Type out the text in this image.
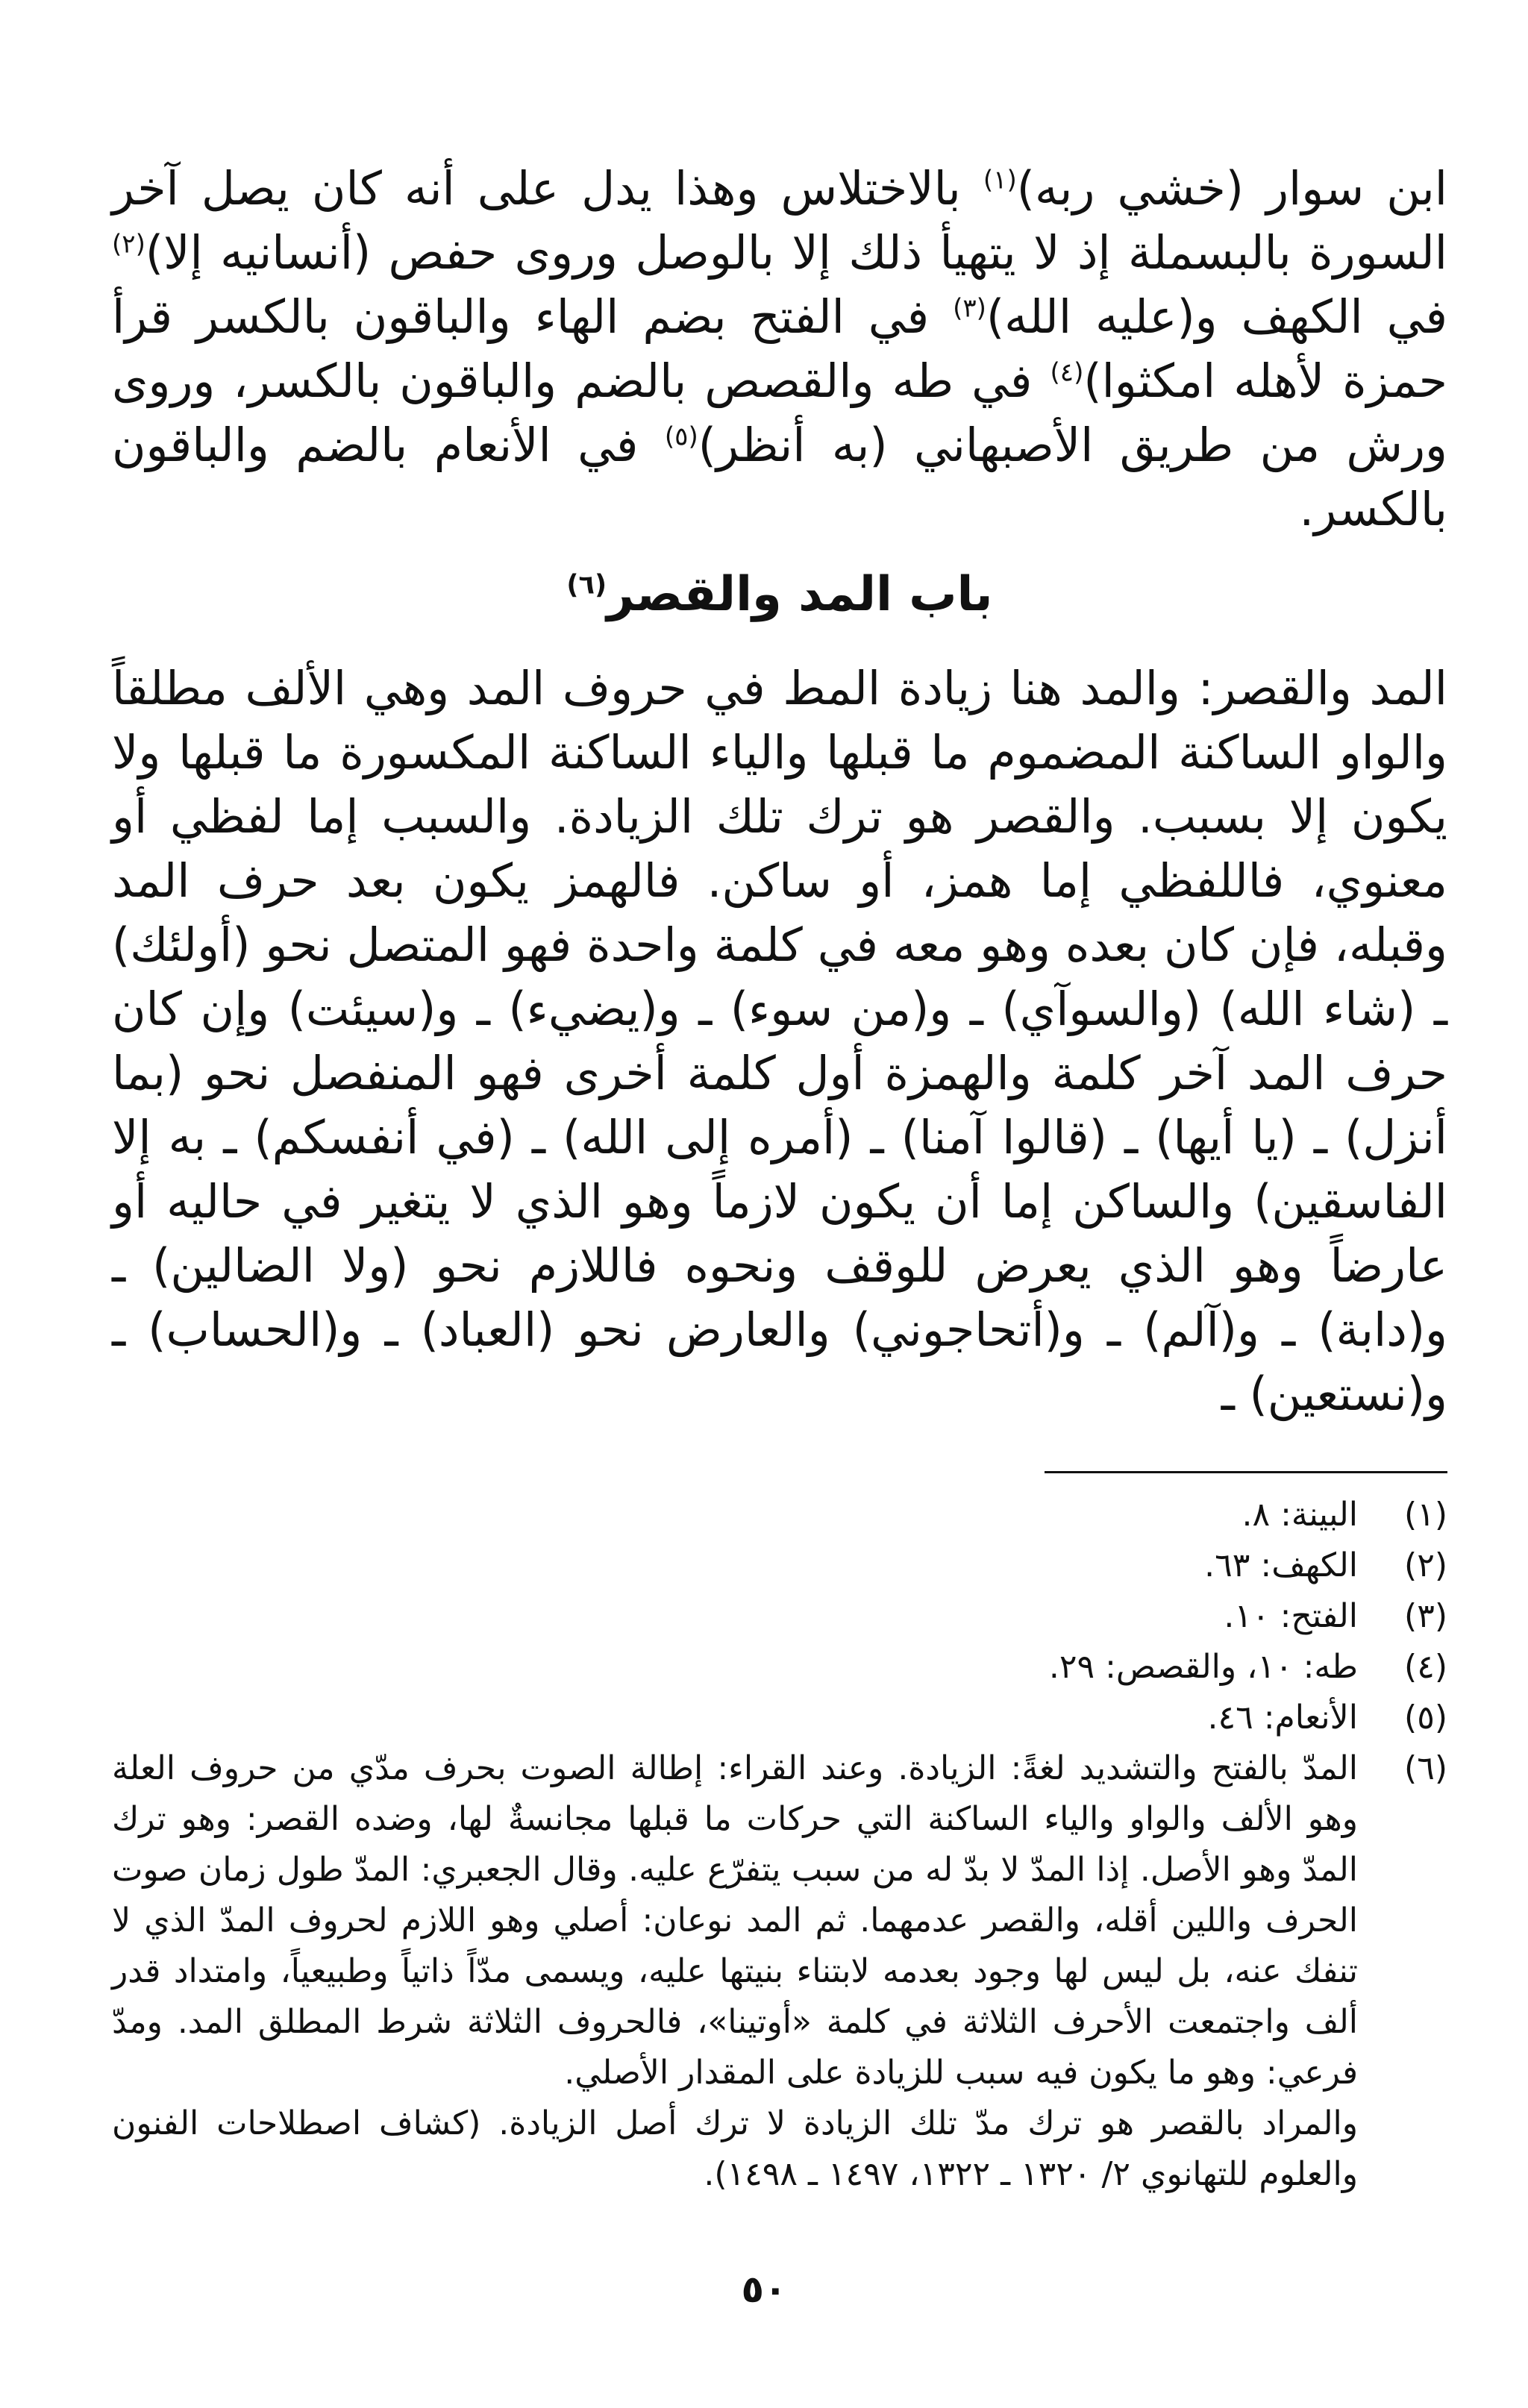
ابن سوار (خشي ربه)$^{(١)}$ بالاختلاس وهذا يدل على أنه كان يصل آخر السورة بالبسملة إذ لا يتهيأ ذلك إلا بالوصل وروى حفص (أنسانيه إلا)$^{(٢)}$ في الكهف و(عليه الله)$^{(٣)}$ في الفتح بضم الهاء والباقون بالكسر قرأ حمزة لأهله امكثوا)$^{(٤)}$ في طه والقصص بالضم والباقون بالكسر، وروى ورش من طريق الأصبهاني (به أنظر)$^{(٥)}$ في الأنعام بالضم والباقون بالكسر.

باب المد والقصر$^{(٦)}$

المد والقصر: والمد هنا زيادة المط في حروف المد وهي الألف مطلقاً والواو الساكنة المضموم ما قبلها والياء الساكنة المكسورة ما قبلها ولا يكون إلا بسبب. والقصر هو ترك تلك الزيادة. والسبب إما لفظي أو معنوي، فاللفظي إما همز، أو ساكن. فالهمز يكون بعد حرف المد وقبله، فإن كان بعده وهو معه في كلمة واحدة فهو المتصل نحو (أولئك) ـ (شاء الله) (والسوآي) ـ و(من سوء) ـ و(يضيء) ـ و(سيئت) وإن كان حرف المد آخر كلمة والهمزة أول كلمة أخرى فهو المنفصل نحو (بما أنزل) ـ (يا أيها) ـ (قالوا آمنا) ـ (أمره إلى الله) ـ (في أنفسكم) ـ به إلا الفاسقين) والساكن إما أن يكون لازماً وهو الذي لا يتغير في حاليه أو عارضاً وهو الذي يعرض للوقف ونحوه فاللازم نحو (ولا الضالين) ـ و(دابة) ـ و(آلم) ـ و(أتحاجوني) والعارض نحو (العباد) ـ و(الحساب) ـ و(نستعين) ـ

(١)
البينة: ٨.
(٢)
الكهف: ٦٣.
(٣)
الفتح: ١٠.
(٤)
طه: ١٠، والقصص: ٢٩.
(٥)
الأنعام: ٤٦.
(٦)
المدّ بالفتح والتشديد لغةً: الزيادة. وعند القراء: إطالة الصوت بحرف مدّي من حروف العلة وهو الألف والواو والياء الساكنة التي حركات ما قبلها مجانسةٌ لها، وضده القصر: وهو ترك المدّ وهو الأصل. إذا المدّ لا بدّ له من سبب يتفرّع عليه. وقال الجعبري: المدّ طول زمان صوت الحرف واللين أقله، والقصر عدمهما. ثم المد نوعان: أصلي وهو اللازم لحروف المدّ الذي لا تنفك عنه، بل ليس لها وجود بعدمه لابتناء بنيتها عليه، ويسمى مدّاً ذاتياً وطبيعياً، وامتداد قدر ألف واجتمعت الأحرف الثلاثة في كلمة «أوتينا»، فالحروف الثلاثة شرط المطلق المد. ومدّ فرعي: وهو ما يكون فيه سبب للزيادة على المقدار الأصلي.
والمراد بالقصر هو ترك مدّ تلك الزيادة لا ترك أصل الزيادة. (كشاف اصطلاحات الفنون والعلوم للتهانوي ٢/ ١٣٢٠ ـ ١٣٢٢، ١٤٩٧ ـ ١٤٩٨).
٥٠
